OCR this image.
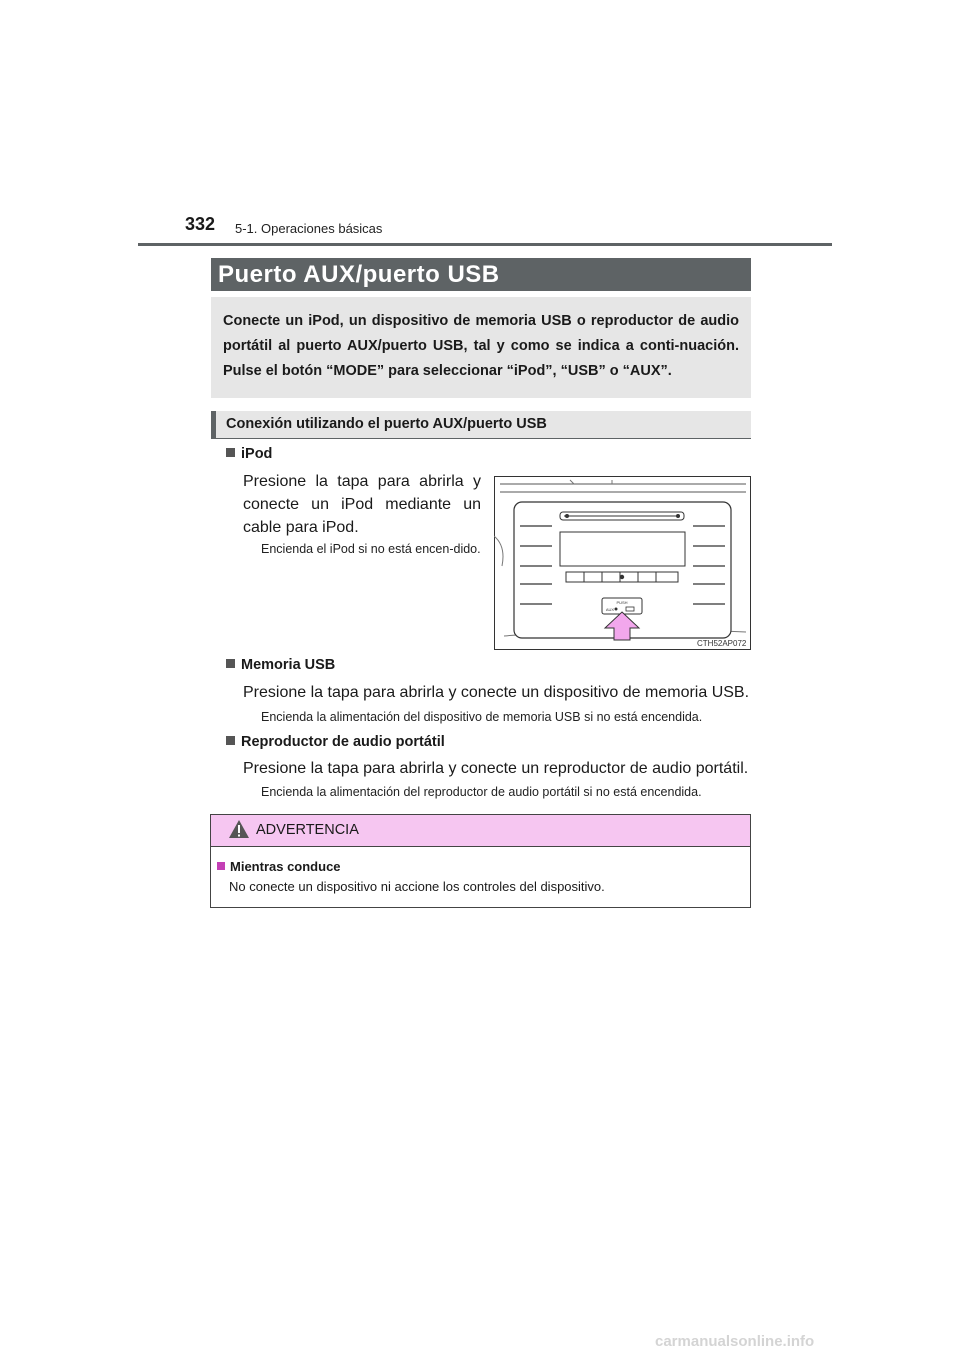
332 5-1. Operaciones básicas
Puerto AUX/puerto USB
Conecte un iPod, un dispositivo de memoria USB o reproductor de audio portátil al puerto AUX/puerto USB, tal y como se indica a conti-nuación. Pulse el botón “MODE” para seleccionar “iPod”, “USB” o “AUX”.
Conexión utilizando el puerto AUX/puerto USB
iPod
Presione la tapa para abrirla y conecte un iPod mediante un cable para iPod.
Encienda el iPod si no está encen-dido.
PUSH
AUX
CTH52AP072
Memoria USB
Presione la tapa para abrirla y conecte un dispositivo de memoria USB.
Encienda la alimentación del dispositivo de memoria USB si no está encendida.
Reproductor de audio portátil
Presione la tapa para abrirla y conecte un reproductor de audio portátil.
Encienda la alimentación del reproductor de audio portátil si no está encendida.
ADVERTENCIA
Mientras conduce
No conecte un dispositivo ni accione los controles del dispositivo.
carmanualsonline.info
